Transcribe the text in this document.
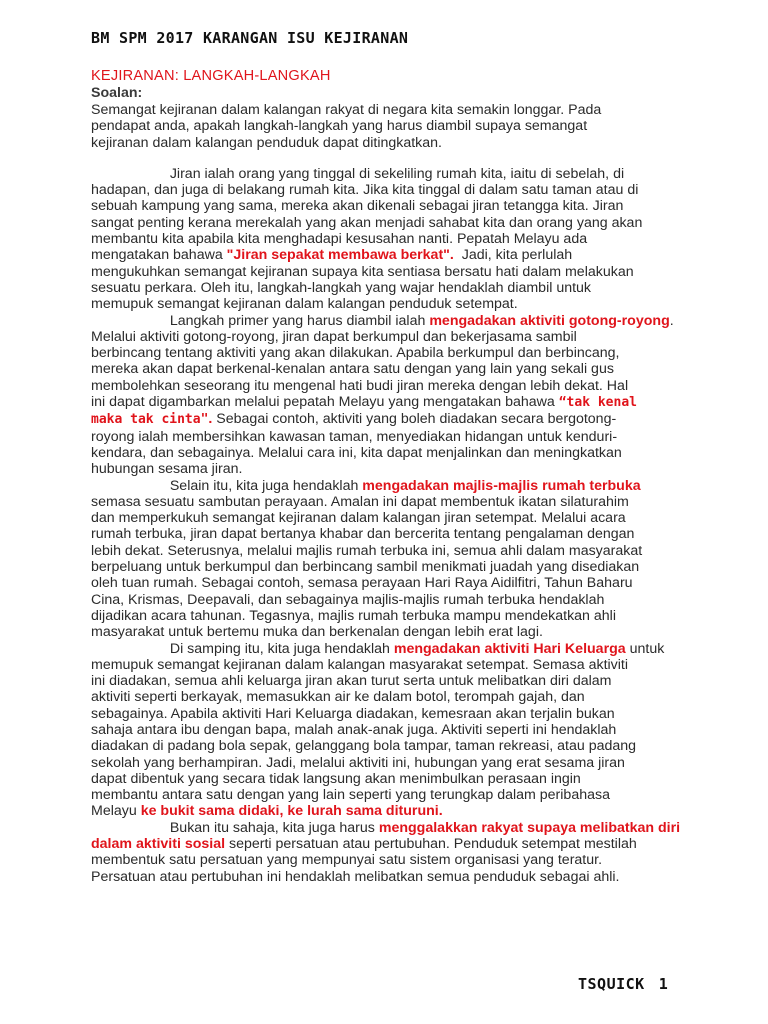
BM SPM 2017 KARANGAN ISU KEJIRANAN

KEJIRANAN: LANGKAH-LANGKAH

Soalan:

Semangat kejiranan dalam kalangan rakyat di negara kita semakin longgar. Pada
pendapat anda, apakah langkah-langkah yang harus diambil supaya semangat
kejiranan dalam kalangan penduduk dapat ditingkatkan.
Jiran ialah orang yang tinggal di sekeliling rumah kita, iaitu di sebelah, di
hadapan, dan juga di belakang rumah kita. Jika kita tinggal di dalam satu taman atau di
sebuah kampung yang sama, mereka akan dikenali sebagai jiran tetangga kita. Jiran
sangat penting kerana merekalah yang akan menjadi sahabat kita dan orang yang akan
membantu kita apabila kita menghadapi kesusahan nanti. Pepatah Melayu ada
mengatakan bahawa "Jiran sepakat membawa berkat".  Jadi, kita perlulah
mengukuhkan semangat kejiranan supaya kita sentiasa bersatu hati dalam melakukan
sesuatu perkara. Oleh itu, langkah-langkah yang wajar hendaklah diambil untuk
memupuk semangat kejiranan dalam kalangan penduduk setempat.
Langkah primer yang harus diambil ialah mengadakan aktiviti gotong-royong.
Melalui aktiviti gotong-royong, jiran dapat berkumpul dan bekerjasama sambil
berbincang tentang aktiviti yang akan dilakukan. Apabila berkumpul dan berbincang,
mereka akan dapat berkenal-kenalan antara satu dengan yang lain yang sekali gus
membolehkan seseorang itu mengenal hati budi jiran mereka dengan lebih dekat. Hal
ini dapat digambarkan melalui pepatah Melayu yang mengatakan bahawa “tak kenal
maka tak cinta". Sebagai contoh, aktiviti yang boleh diadakan secara bergotong-
royong ialah membersihkan kawasan taman, menyediakan hidangan untuk kenduri-
kendara, dan sebagainya. Melalui cara ini, kita dapat menjalinkan dan meningkatkan
hubungan sesama jiran.
Selain itu, kita juga hendaklah mengadakan majlis-majlis rumah terbuka
semasa sesuatu sambutan perayaan. Amalan ini dapat membentuk ikatan silaturahim
dan memperkukuh semangat kejiranan dalam kalangan jiran setempat. Melalui acara
rumah terbuka, jiran dapat bertanya khabar dan bercerita tentang pengalaman dengan
lebih dekat. Seterusnya, melalui majlis rumah terbuka ini, semua ahli dalam masyarakat
berpeluang untuk berkumpul dan berbincang sambil menikmati juadah yang disediakan
oleh tuan rumah. Sebagai contoh, semasa perayaan Hari Raya Aidilfitri, Tahun Baharu
Cina, Krismas, Deepavali, dan sebagainya majlis-majlis rumah terbuka hendaklah
dijadikan acara tahunan. Tegasnya, majlis rumah terbuka mampu mendekatkan ahli
masyarakat untuk bertemu muka dan berkenalan dengan lebih erat lagi.
Di samping itu, kita juga hendaklah mengadakan aktiviti Hari Keluarga untuk
memupuk semangat kejiranan dalam kalangan masyarakat setempat. Semasa aktiviti
ini diadakan, semua ahli keluarga jiran akan turut serta untuk melibatkan diri dalam
aktiviti seperti berkayak, memasukkan air ke dalam botol, terompah gajah, dan
sebagainya. Apabila aktiviti Hari Keluarga diadakan, kemesraan akan terjalin bukan
sahaja antara ibu dengan bapa, malah anak-anak juga. Aktiviti seperti ini hendaklah
diadakan di padang bola sepak, gelanggang bola tampar, taman rekreasi, atau padang
sekolah yang berhampiran. Jadi, melalui aktiviti ini, hubungan yang erat sesama jiran
dapat dibentuk yang secara tidak langsung akan menimbulkan perasaan ingin
membantu antara satu dengan yang lain seperti yang terungkap dalam peribahasa
Melayu ke bukit sama didaki, ke lurah sama dituruni.
Bukan itu sahaja, kita juga harus menggalakkan rakyat supaya melibatkan diri
dalam aktiviti sosial seperti persatuan atau pertubuhan. Penduduk setempat mestilah
membentuk satu persatuan yang mempunyai satu sistem organisasi yang teratur.
Persatuan atau pertubuhan ini hendaklah melibatkan semua penduduk sebagai ahli.

TSQUICK 1
